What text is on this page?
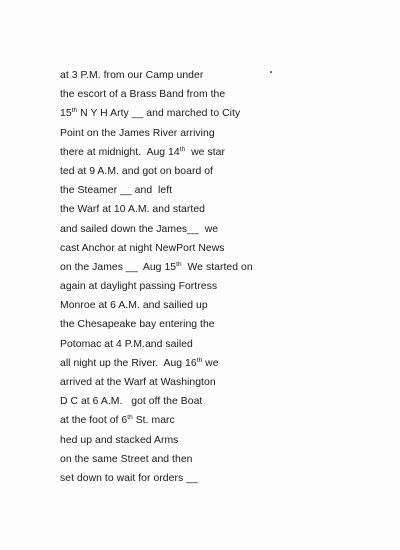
at 3 P.M. from our Camp under
the escort of a Brass Band from the
15th N Y H Arty __ and marched to City
Point on the James River arriving
there at midnight.  Aug 14th  we star
ted at 9 A.M. and got on board of
the Steamer __ and  left
the Warf at 10 A.M. and started
and sailed down the James__  we
cast Anchor at night NewPort News
on the James __  Aug 15th  We started on
again at daylight passing Fortress
Monroe at 6 A.M. and sailied up
the Chesapeake bay entering the
Potomac at 4 P.M.and sailed
all night up the River.  Aug 16th we
arrived at the Warf at Washington
D C at 6 A.M.   got off the Boat
at the foot of 6th St. marc
hed up and stacked Arms
on the same Street and then
set down to wait for orders __
